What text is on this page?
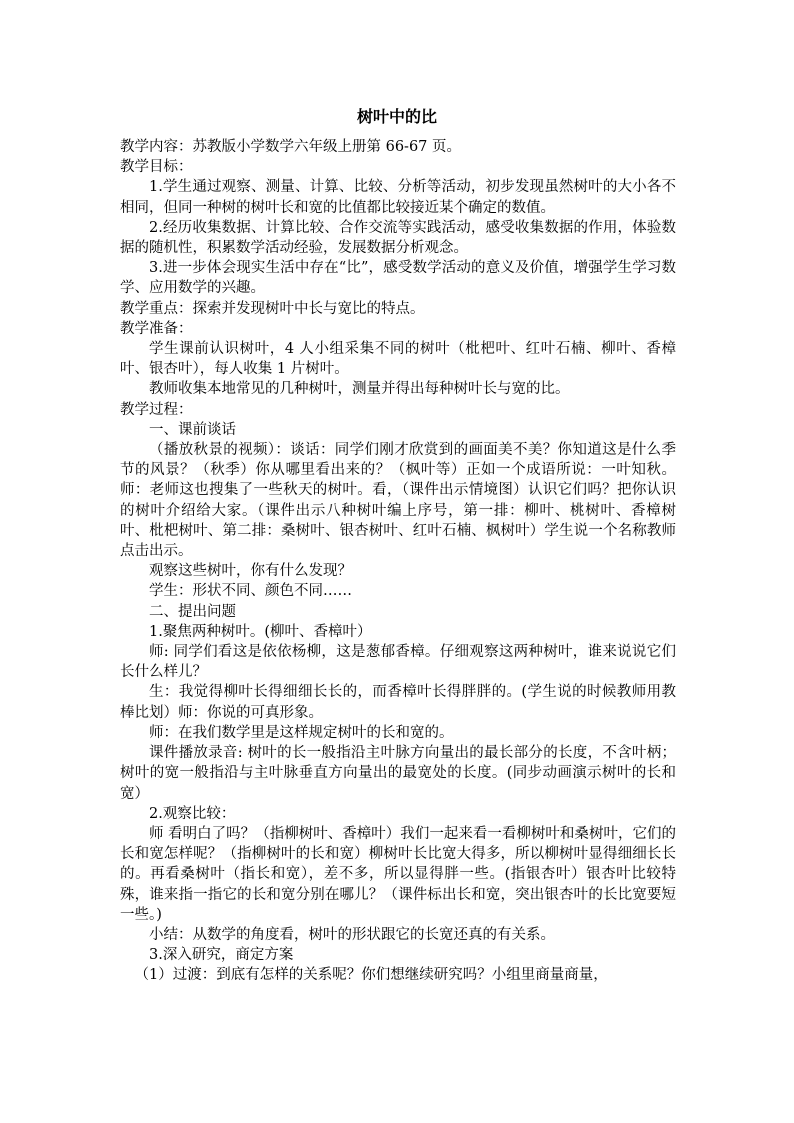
树叶中的比

教学内容：苏教版小学数学六年级上册第 66-67 页。

教学目标：

1.学生通过观察、测量、计算、比较、分析等活动，初步发现虽然树叶的大小各不相同，但同一种树的树叶长和宽的比值都比较接近某个确定的数值。

2.经历收集数据、计算比较、合作交流等实践活动，感受收集数据的作用，体验数据的随机性，积累数学活动经验，发展数据分析观念。

3.进一步体会现实生活中存在“比”，感受数学活动的意义及价值，增强学生学习数学、应用数学的兴趣。

教学重点：探索并发现树叶中长与宽比的特点。

教学准备：

学生课前认识树叶，4 人小组采集不同的树叶（枇杷叶、红叶石楠、柳叶、香樟叶、银杏叶），每人收集 1 片树叶。

教师收集本地常见的几种树叶，测量并得出每种树叶长与宽的比。

教学过程：

一、课前谈话

（播放秋景的视频）：谈话：同学们刚才欣赏到的画面美不美？你知道这是什么季节的风景？（秋季）你从哪里看出来的？（枫叶等）正如一个成语所说：一叶知秋。师：老师这也搜集了一些秋天的树叶。看，（课件出示情境图）认识它们吗？把你认识的树叶介绍给大家。（课件出示八种树叶编上序号，第一排：柳叶、桃树叶、香樟树叶、枇杷树叶、第二排：桑树叶、银杏树叶、红叶石楠、枫树叶）学生说一个名称教师点击出示。

观察这些树叶，你有什么发现？

学生：形状不同、颜色不同……

二、提出问题

1.聚焦两种树叶。(柳叶、香樟叶）

师: 同学们看这是依依杨柳，这是葱郁香樟。仔细观察这两种树叶，谁来说说它们长什么样儿？

生：我觉得柳叶长得细细长长的，而香樟叶长得胖胖的。(学生说的时候教师用教棒比划）师：你说的可真形象。

师：在我们数学里是这样规定树叶的长和宽的。

课件播放录音: 树叶的长一般指沿主叶脉方向量出的最长部分的长度，不含叶柄；树叶的宽一般指沿与主叶脉垂直方向量出的最宽处的长度。(同步动画演示树叶的长和宽）

2.观察比较：

师 看明白了吗？（指柳树叶、香樟叶）我们一起来看一看柳树叶和桑树叶，它们的长和宽怎样呢？（指柳树叶的长和宽）柳树叶长比宽大得多，所以柳树叶显得细细长长的。再看桑树叶（指长和宽），差不多，所以显得胖一些。(指银杏叶）银杏叶比较特殊，谁来指一指它的长和宽分别在哪儿？（课件标出长和宽，突出银杏叶的长比宽要短一些。)

小结：从数学的角度看，树叶的形状跟它的长宽还真的有关系。

3.深入研究，商定方案

（1）过渡：到底有怎样的关系呢？你们想继续研究吗？小组里商量商量，
